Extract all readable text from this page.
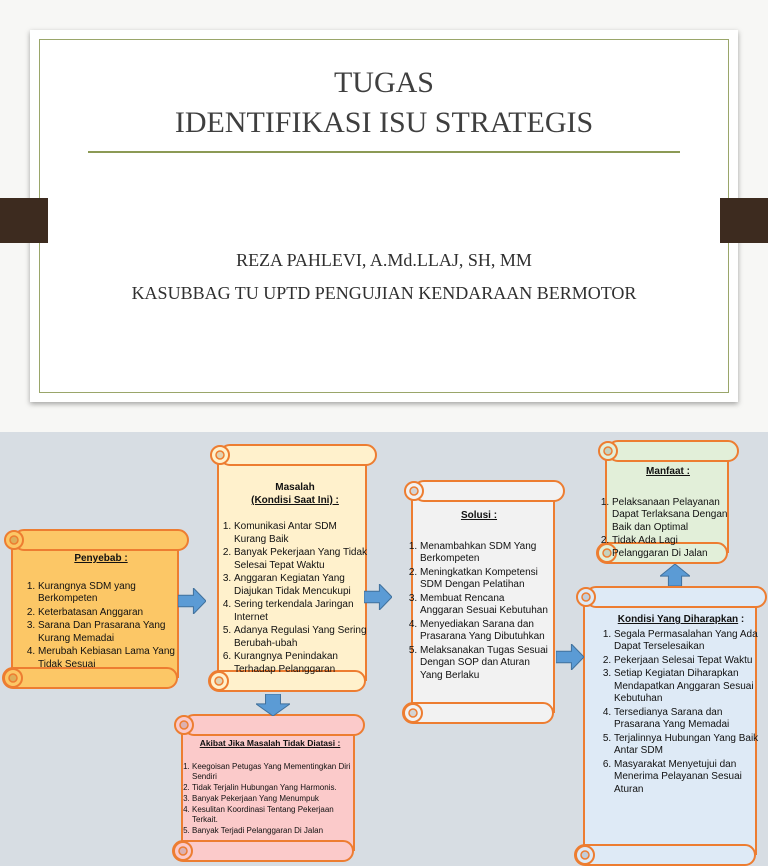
TUGAS
IDENTIFIKASI ISU STRATEGIS
REZA PAHLEVI, A.Md.LLAJ, SH, MM
KASUBBAG TU UPTD PENGUJIAN KENDARAAN BERMOTOR
Penyebab :
1. Kurangnya SDM yang Berkompeten
2. Keterbatasan Anggaran
3. Sarana Dan Prasarana Yang Kurang Memadai
4. Merubah Kebiasan Lama Yang Tidak Sesuai
Masalah
(Kondisi Saat Ini) :
1. Komunikasi Antar SDM Kurang Baik
2. Banyak Pekerjaan Yang Tidak Selesai Tepat Waktu
3. Anggaran Kegiatan Yang Diajukan Tidak Mencukupi
4. Sering terkendala Jaringan Internet
5. Adanya Regulasi Yang Sering Berubah-ubah
6. Kurangnya Penindakan Terhadap Pelanggaran
Akibat Jika Masalah Tidak Diatasi :
1. Keegoisan Petugas Yang Mementingkan Diri Sendiri
2. Tidak Terjalin Hubungan Yang Harmonis.
3. Banyak Pekerjaan Yang Menumpuk
4. Kesulitan Koordinasi Tentang Pekerjaan Terkait.
5. Banyak Terjadi Pelanggaran Di Jalan
Solusi :
1. Menambahkan SDM Yang Berkompeten
2. Meningkatkan Kompetensi SDM Dengan Pelatihan
3. Membuat Rencana Anggaran Sesuai Kebutuhan
4. Menyediakan Sarana dan Prasarana Yang Dibutuhkan
5. Melaksanakan Tugas Sesuai Dengan SOP dan Aturan Yang Berlaku
Manfaat :
1. Pelaksanaan Pelayanan Dapat Terlaksana Dengan Baik dan Optimal
2. Tidak Ada Lagi Pelanggaran Di Jalan
Kondisi Yang Diharapkan :
1. Segala Permasalahan Yang Ada Dapat Terselesaikan
2. Pekerjaan Selesai Tepat Waktu
3. Setiap Kegiatan Diharapkan Mendapatkan Anggaran Sesuai Kebutuhan
4. Tersedianya Sarana dan Prasarana Yang Memadai
5. Terjalinnya Hubungan Yang Baik Antar SDM
6. Masyarakat Menyetujui dan Menerima Pelayanan Sesuai Aturan
